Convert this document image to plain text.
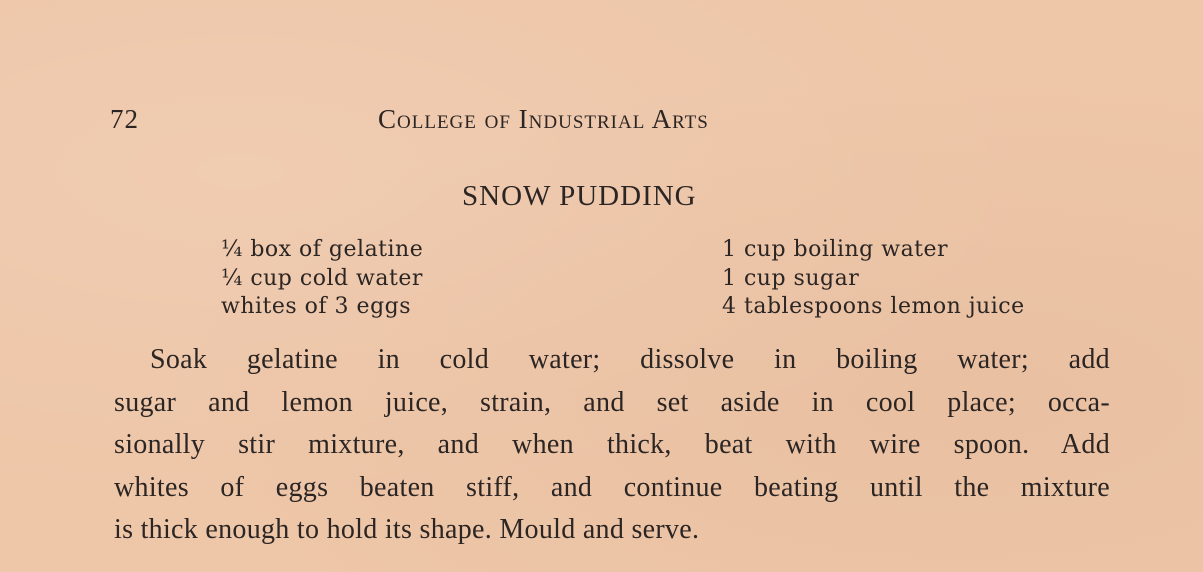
72	College of Industrial Arts
SNOW PUDDING
¼ box of gelatine
¼ cup cold water
whites of 3 eggs
1 cup boiling water
1 cup sugar
4 tablespoons lemon juice

Soak gelatine in cold water; dissolve in boiling water; add
sugar and lemon juice, strain, and set aside in cool place; occa-
sionally stir mixture, and when thick, beat with wire spoon. Add
whites of eggs beaten stiff, and continue beating until the mixture
is thick enough to hold its shape. Mould and serve.
